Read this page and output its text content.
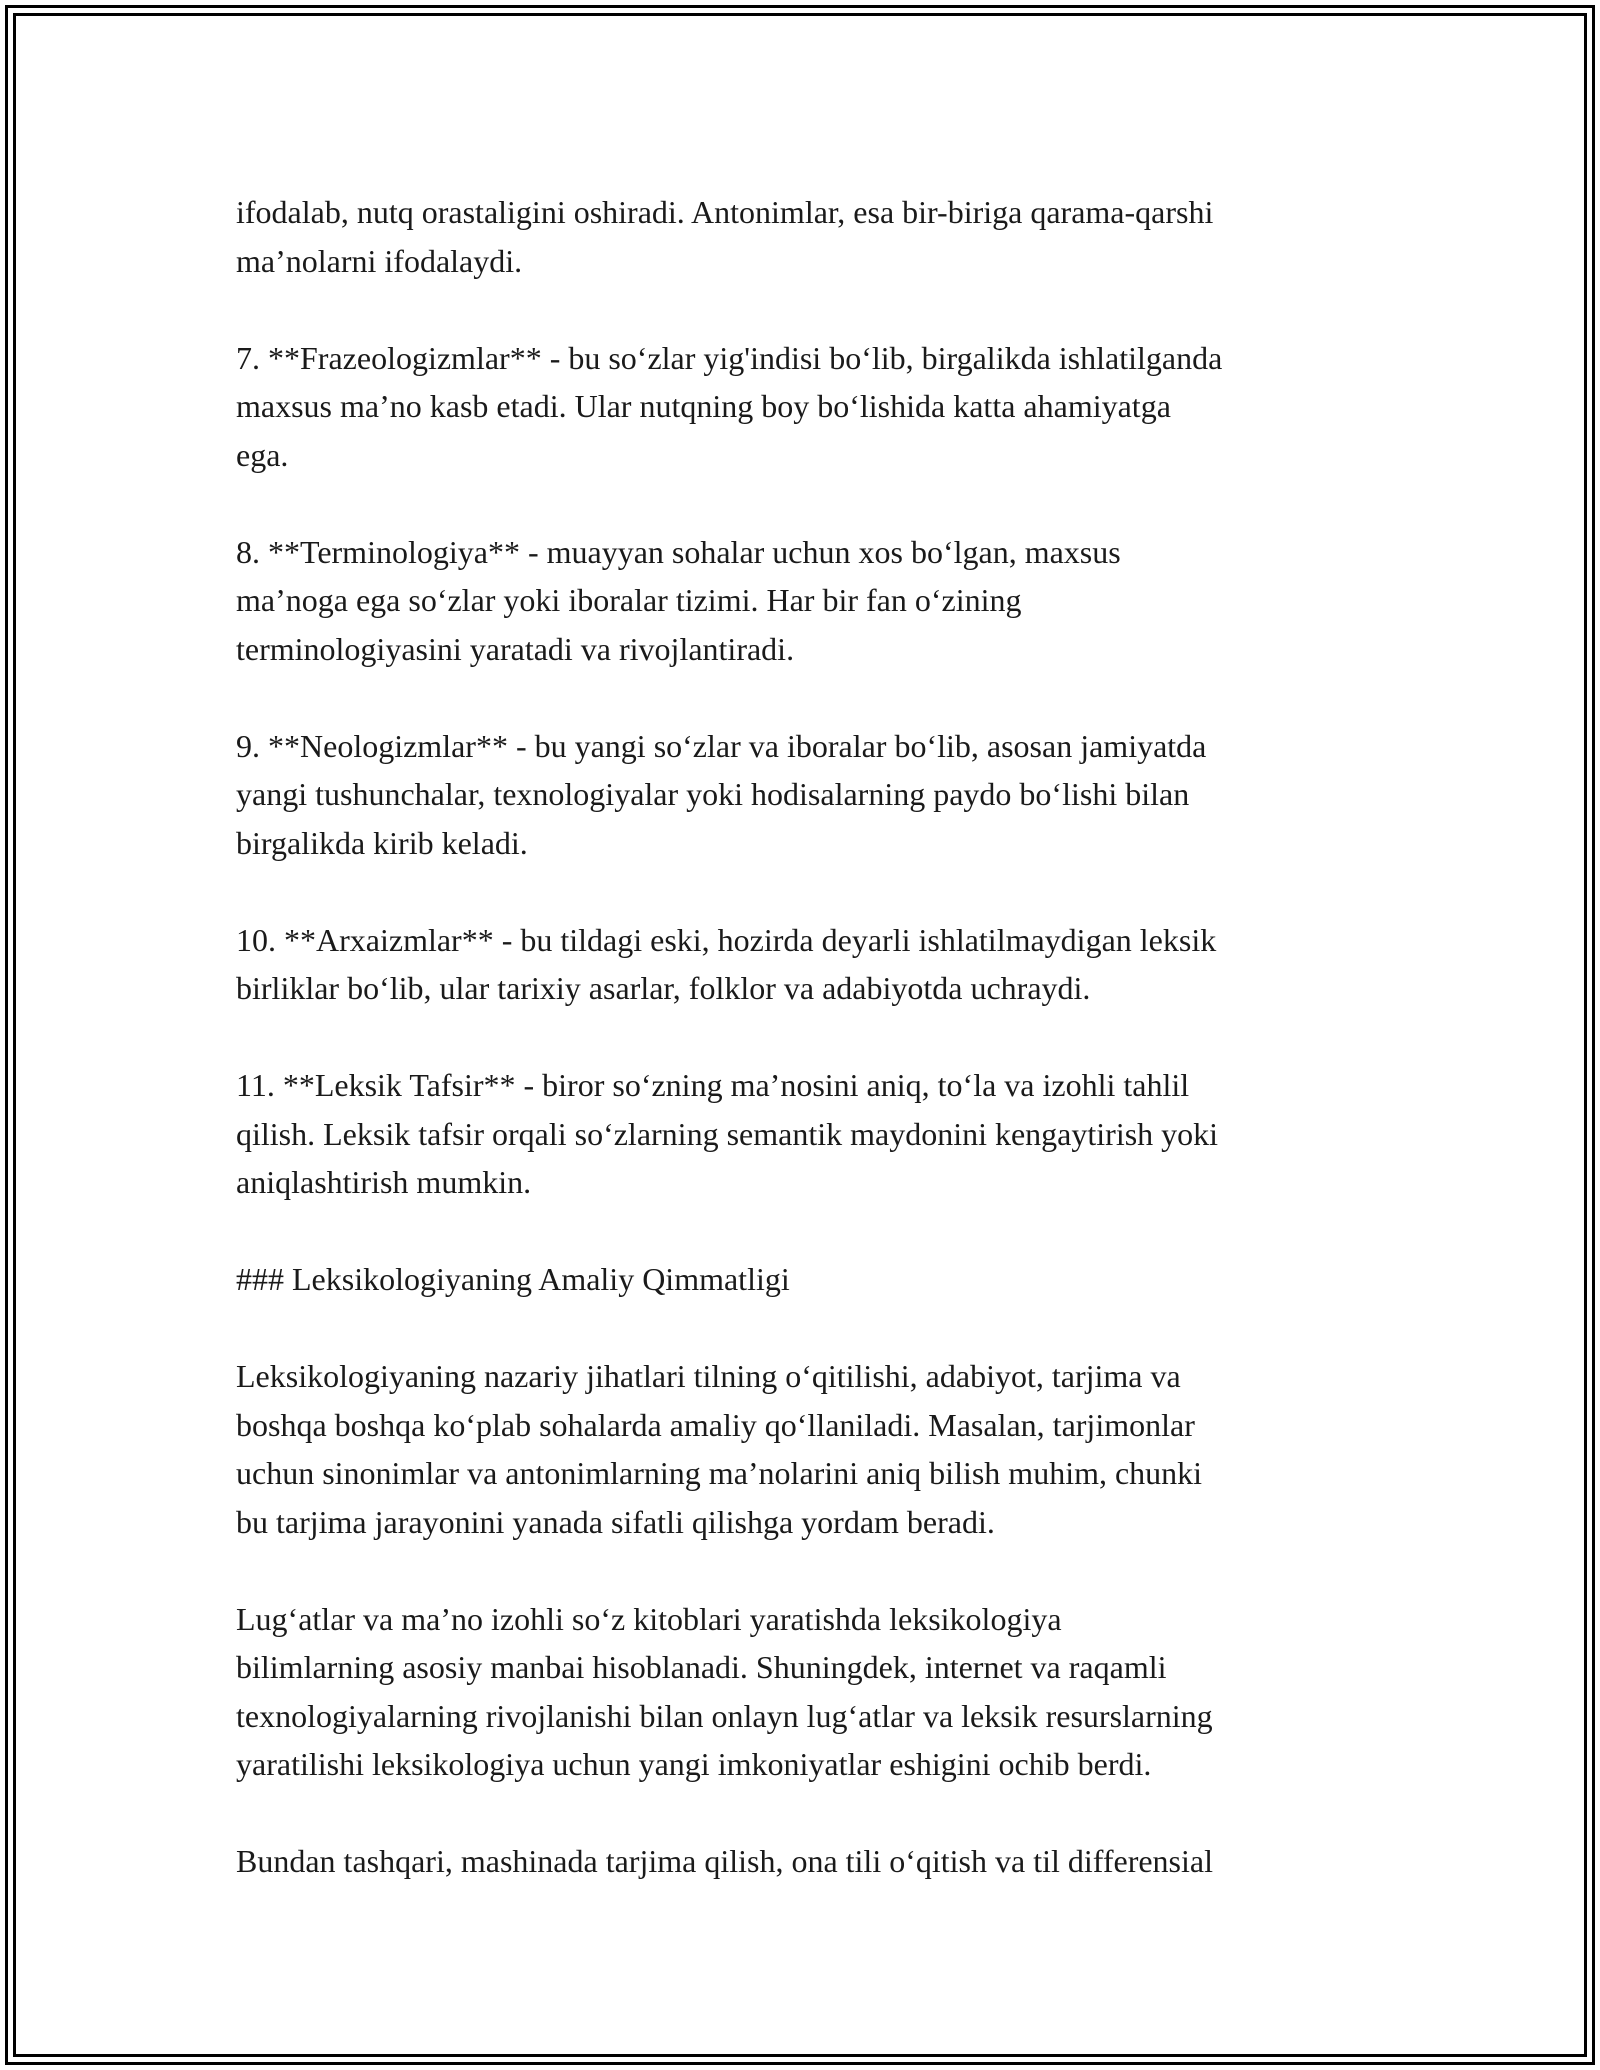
ifodalab, nutq orastaligini oshiradi. Antonimlar, esa bir-biriga qarama-qarshi
ma’nolarni ifodalaydi.

7. **Frazeologizmlar** - bu so‘zlar yig'indisi bo‘lib, birgalikda ishlatilganda
maxsus ma’no kasb etadi. Ular nutqning boy bo‘lishida katta ahamiyatga
ega.

8. **Terminologiya** - muayyan sohalar uchun xos bo‘lgan, maxsus
ma’noga ega so‘zlar yoki iboralar tizimi. Har bir fan o‘zining
terminologiyasini yaratadi va rivojlantiradi.

9. **Neologizmlar** - bu yangi so‘zlar va iboralar bo‘lib, asosan jamiyatda
yangi tushunchalar, texnologiyalar yoki hodisalarning paydo bo‘lishi bilan
birgalikda kirib keladi.

10. **Arxaizmlar** - bu tildagi eski, hozirda deyarli ishlatilmaydigan leksik
birliklar bo‘lib, ular tarixiy asarlar, folklor va adabiyotda uchraydi.

11. **Leksik Tafsir** - biror so‘zning ma’nosini aniq, to‘la va izohli tahlil
qilish. Leksik tafsir orqali so‘zlarning semantik maydonini kengaytirish yoki
aniqlashtirish mumkin.

### Leksikologiyaning Amaliy Qimmatligi

Leksikologiyaning nazariy jihatlari tilning o‘qitilishi, adabiyot, tarjima va
boshqa boshqa ko‘plab sohalarda amaliy qo‘llaniladi. Masalan, tarjimonlar
uchun sinonimlar va antonimlarning ma’nolarini aniq bilish muhim, chunki
bu tarjima jarayonini yanada sifatli qilishga yordam beradi.

Lug‘atlar va ma’no izohli so‘z kitoblari yaratishda leksikologiya
bilimlarning asosiy manbai hisoblanadi. Shuningdek, internet va raqamli
texnologiyalarning rivojlanishi bilan onlayn lug‘atlar va leksik resurslarning
yaratilishi leksikologiya uchun yangi imkoniyatlar eshigini ochib berdi.

Bundan tashqari, mashinada tarjima qilish, ona tili o‘qitish va til differensial
